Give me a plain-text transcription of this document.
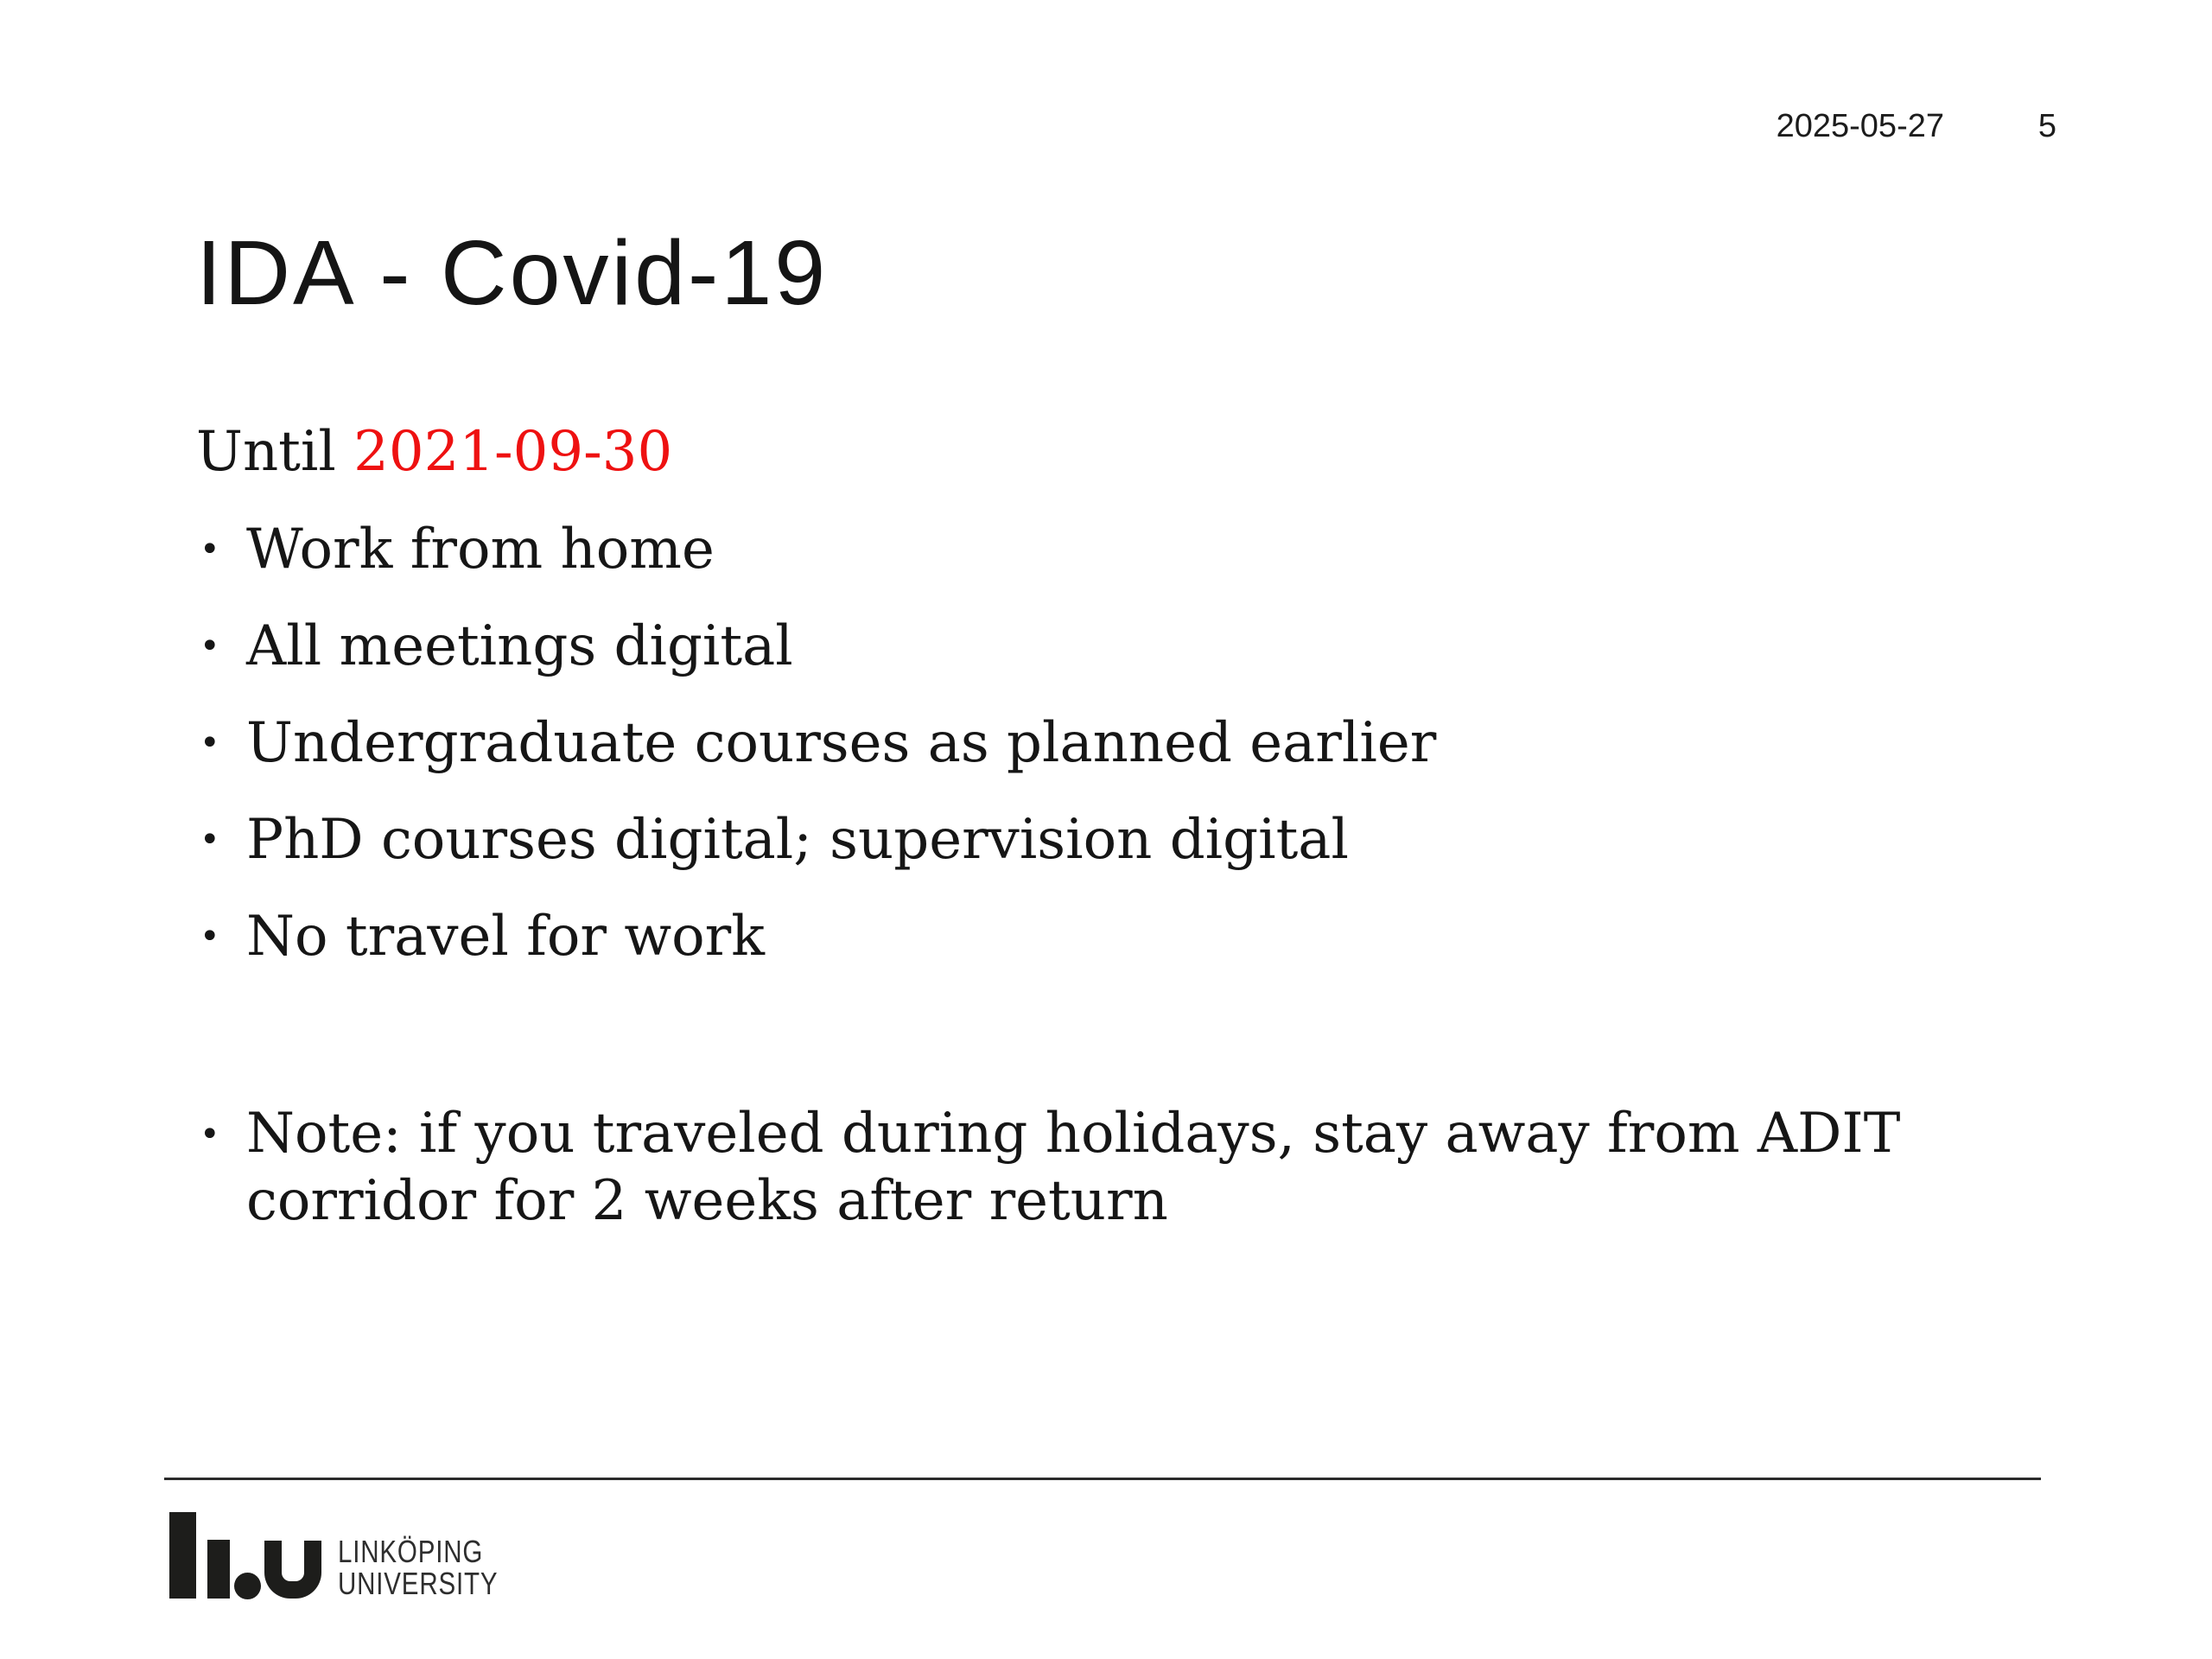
2025-05-27	5
IDA - Covid-19

Until 2021-09-30

• Work from home
• All meetings digital
• Undergraduate courses as planned earlier
• PhD courses digital; supervision digital
• No travel for work
• Note: if you traveled during holidays, stay away from ADIT
corridor for 2 weeks after return
LINKÖPING
UNIVERSITY
